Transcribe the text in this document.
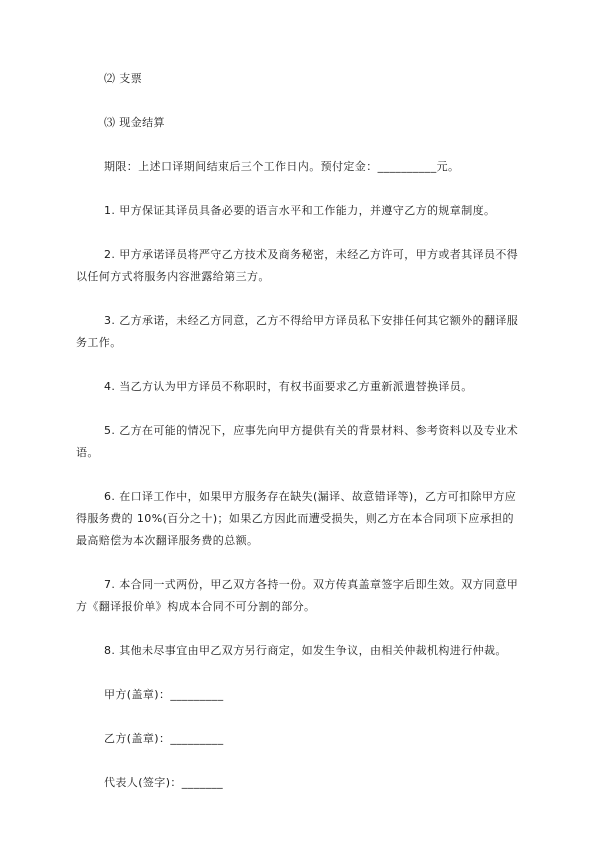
⑵ 支票

⑶ 现金结算

期限：上述口译期间结束后三个工作日内。预付定金：__________元。

1. 甲方保证其译员具备必要的语言水平和工作能力，并遵守乙方的规章制度。

2. 甲方承诺译员将严守乙方技术及商务秘密，未经乙方许可，甲方或者其译员不得以任何方式将服务内容泄露给第三方。

3. 乙方承诺，未经乙方同意，乙方不得给甲方译员私下安排任何其它额外的翻译服务工作。

4. 当乙方认为甲方译员不称职时，有权书面要求乙方重新派遣替换译员。

5. 乙方在可能的情况下，应事先向甲方提供有关的背景材料、参考资料以及专业术语。

6. 在口译工作中，如果甲方服务存在缺失(漏译、故意错译等)，乙方可扣除甲方应得服务费的 10%(百分之十)；如果乙方因此而遭受损失，则乙方在本合同项下应承担的最高赔偿为本次翻译服务费的总额。

7. 本合同一式两份，甲乙双方各持一份。双方传真盖章签字后即生效。双方同意甲方《翻译报价单》构成本合同不可分割的部分。

8. 其他未尽事宜由甲乙双方另行商定，如发生争议，由相关仲裁机构进行仲裁。

甲方(盖章)：_________

乙方(盖章)：_________

代表人(签字)：_______
